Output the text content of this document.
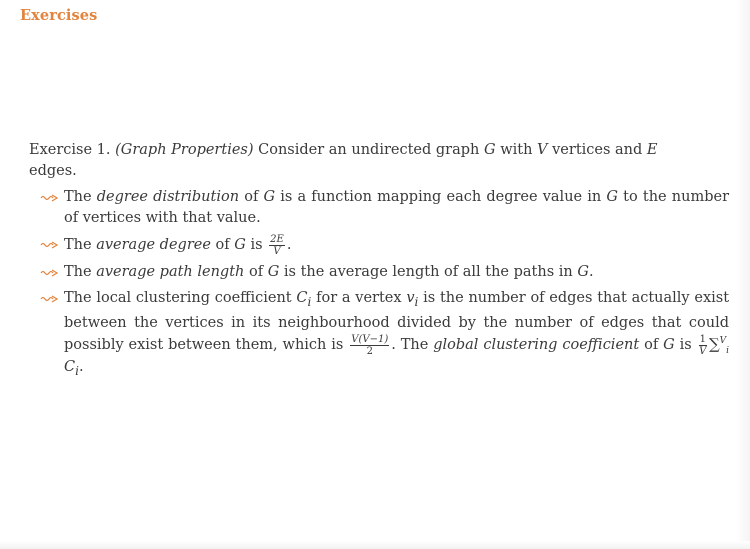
Exercises

Exercise 1. (Graph Properties) Consider an undirected graph G with V vertices and E edges.

The degree distribution of G is a function mapping each degree value in G to the number of vertices with that value.
The average degree of G is $\frac{2E}{V}$ .
The average path length of G is the average length of all the paths in G.
The local clustering coefficient $C_i$ for a vertex $v_i$ is the number of edges that actually exist between the vertices in its neighbourhood divided by the number of edges that could possibly exist between them, which is $\frac{V(V-1)}{2}$ . The global clustering coefficient of G is $\frac{1}{V} \sum^V_i$ $C_i$.
